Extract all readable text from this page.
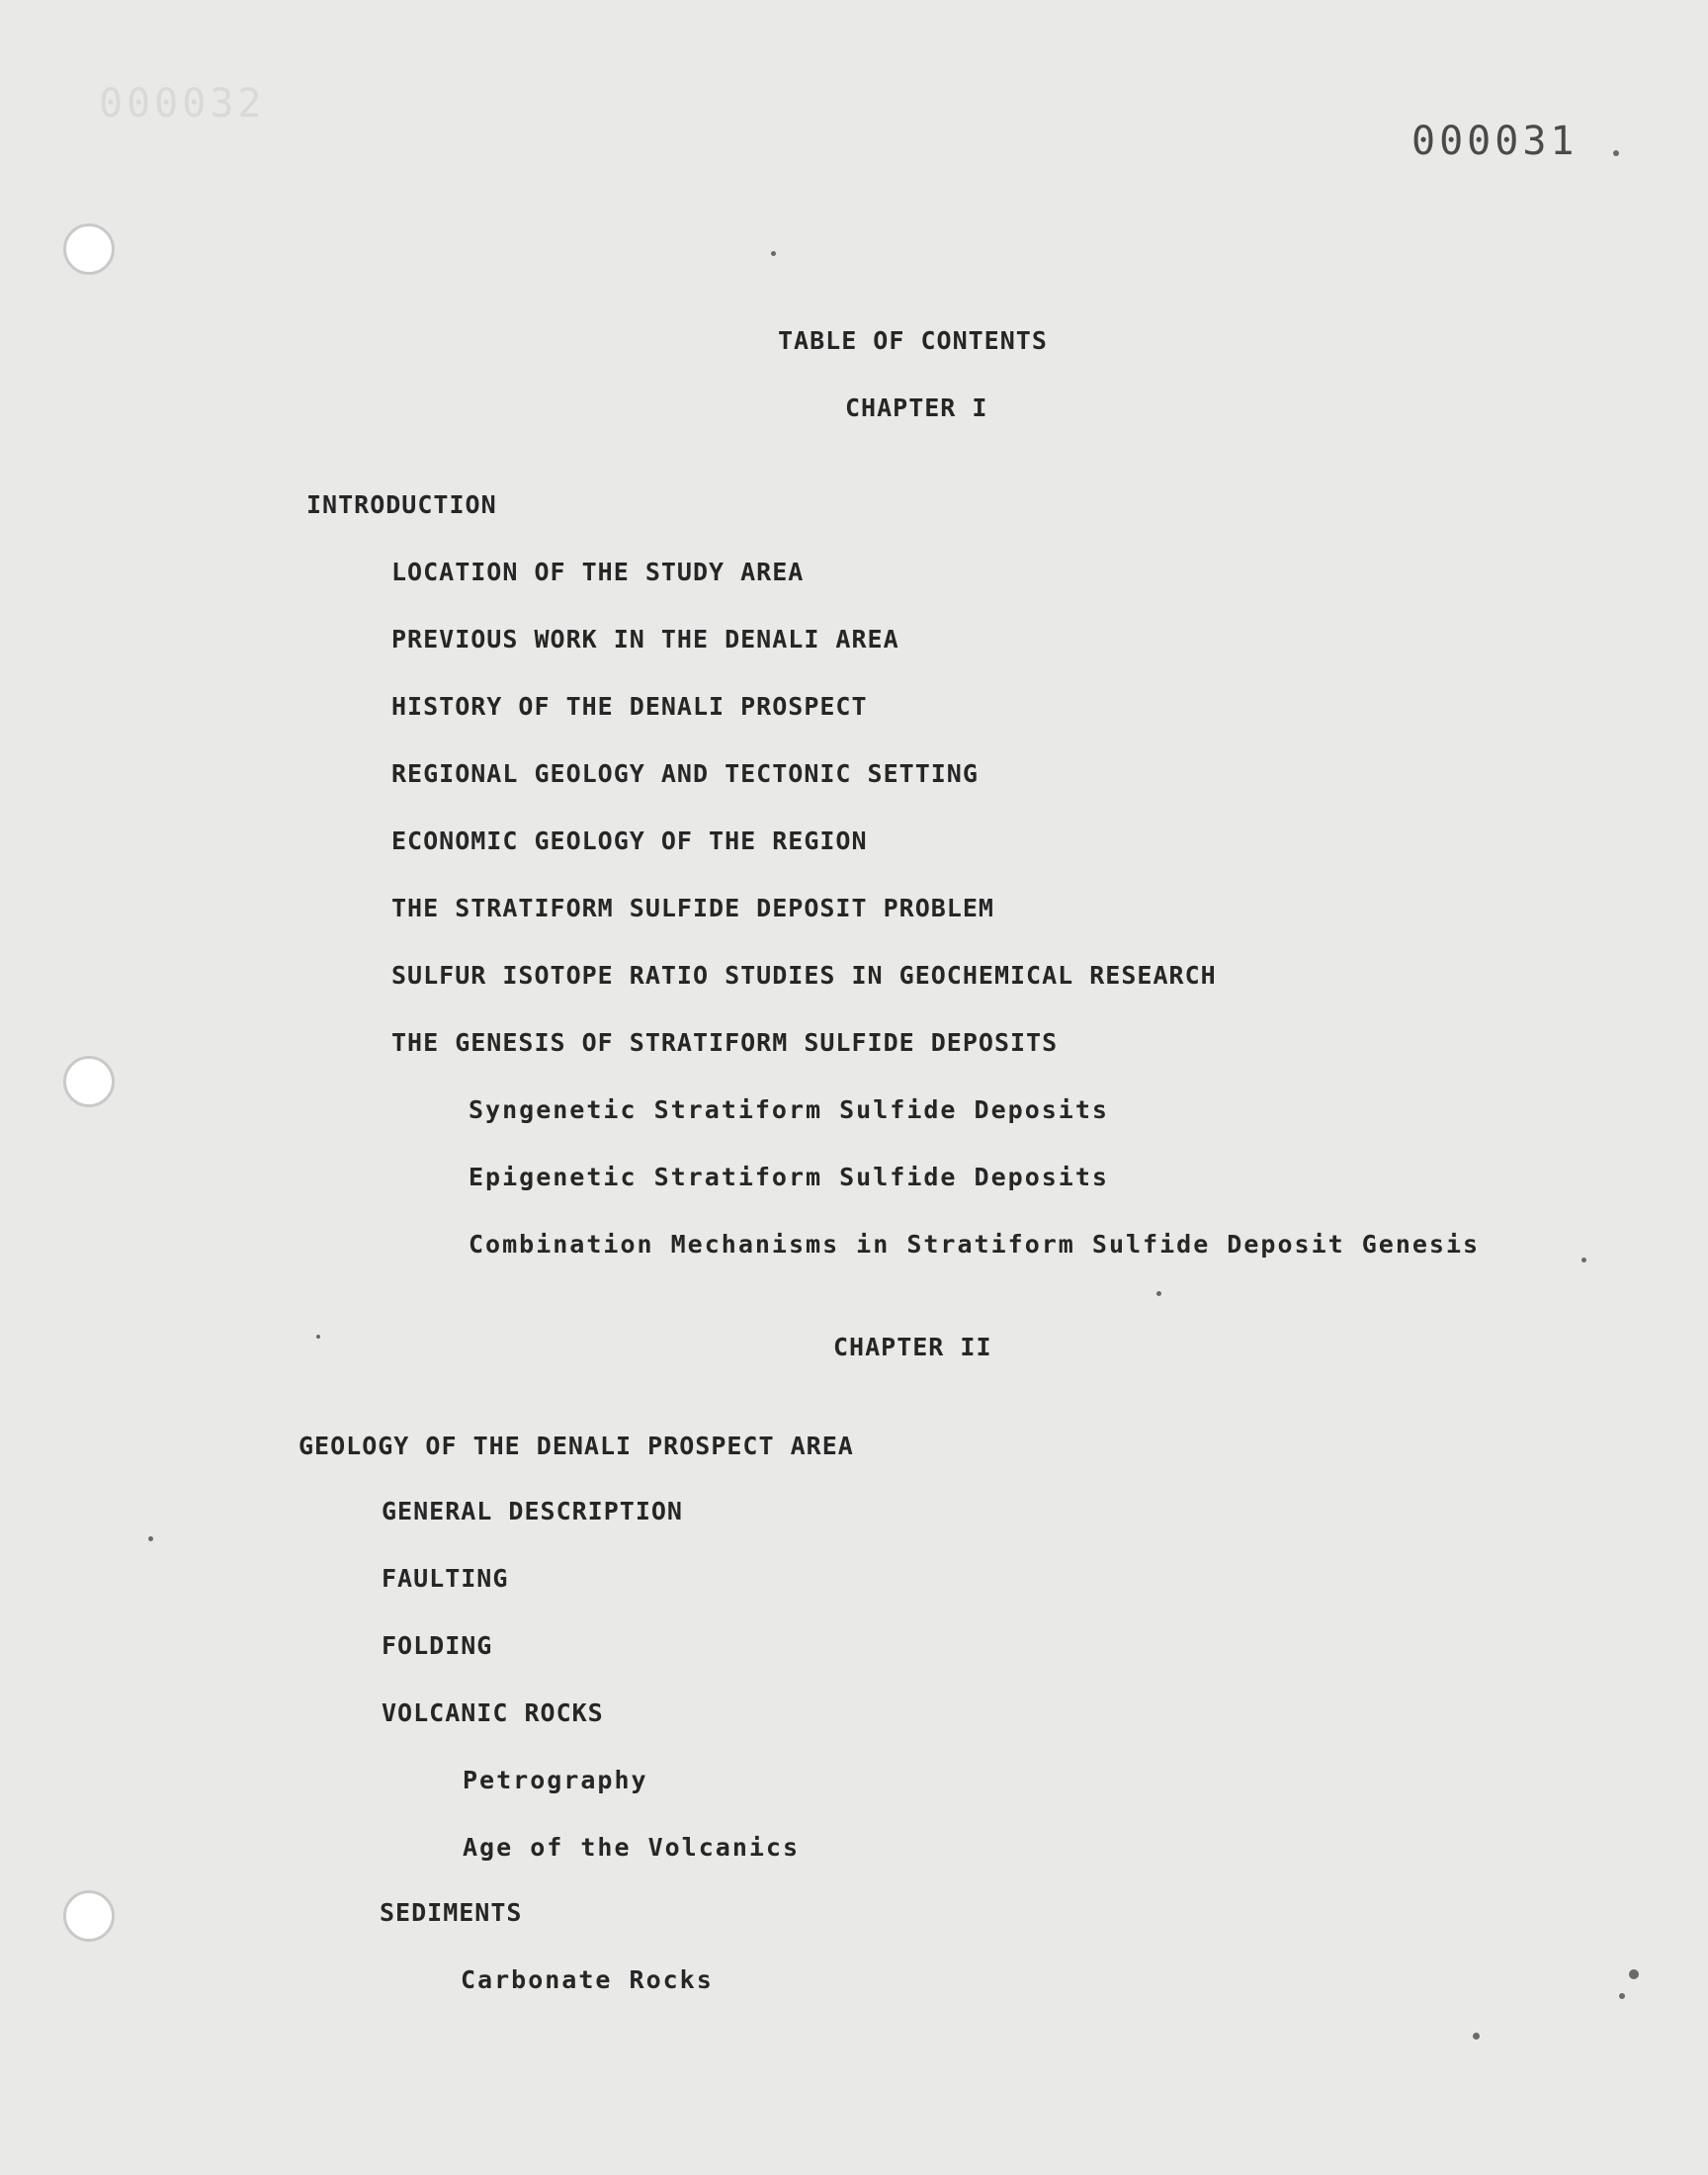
000032
000031
TABLE OF CONTENTS
CHAPTER I
INTRODUCTION
LOCATION OF THE STUDY AREA
PREVIOUS WORK IN THE DENALI AREA
HISTORY OF THE DENALI PROSPECT
REGIONAL GEOLOGY AND TECTONIC SETTING
ECONOMIC GEOLOGY OF THE REGION
THE STRATIFORM SULFIDE DEPOSIT PROBLEM
SULFUR ISOTOPE RATIO STUDIES IN GEOCHEMICAL RESEARCH
THE GENESIS OF STRATIFORM SULFIDE DEPOSITS
Syngenetic Stratiform Sulfide Deposits
Epigenetic Stratiform Sulfide Deposits
Combination Mechanisms in Stratiform Sulfide Deposit Genesis
CHAPTER II
GEOLOGY OF THE DENALI PROSPECT AREA
GENERAL DESCRIPTION
FAULTING
FOLDING
VOLCANIC ROCKS
Petrography
Age of the Volcanics
SEDIMENTS
Carbonate Rocks
